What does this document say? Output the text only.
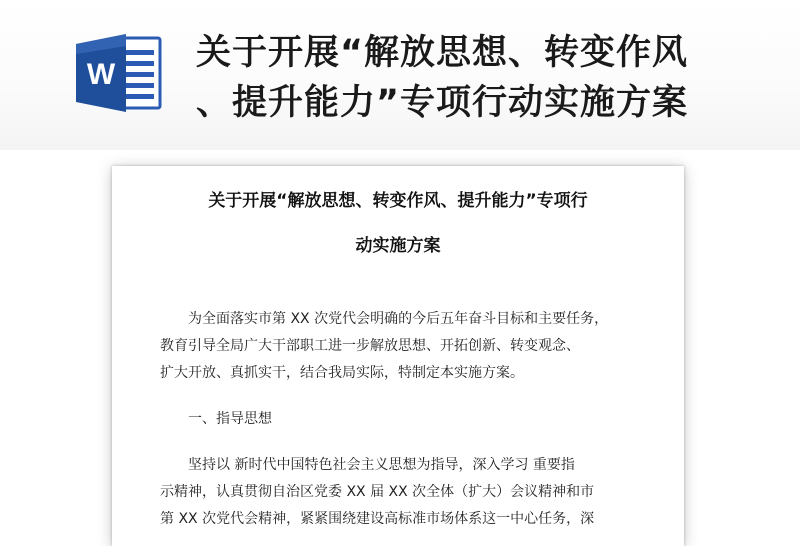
W
关于开展“解放思想、转变作风
、提升能力”专项行动实施方案
关于开展“解放思想、转变作风、提升能力”专项行
动实施方案

为全面落实市第 XX 次党代会明确的今后五年奋斗目标和主要任务，
教育引导全局广大干部职工进一步解放思想、开拓创新、转变观念、
扩大开放、真抓实干，结合我局实际，特制定本实施方案。

一、指导思想

坚持以 新时代中国特色社会主义思想为指导，深入学习 重要指
示精神，认真贯彻自治区党委 XX 届 XX 次全体（扩大）会议精神和市
第 XX 次党代会精神，紧紧围绕建设高标准市场体系这一中心任务，深
